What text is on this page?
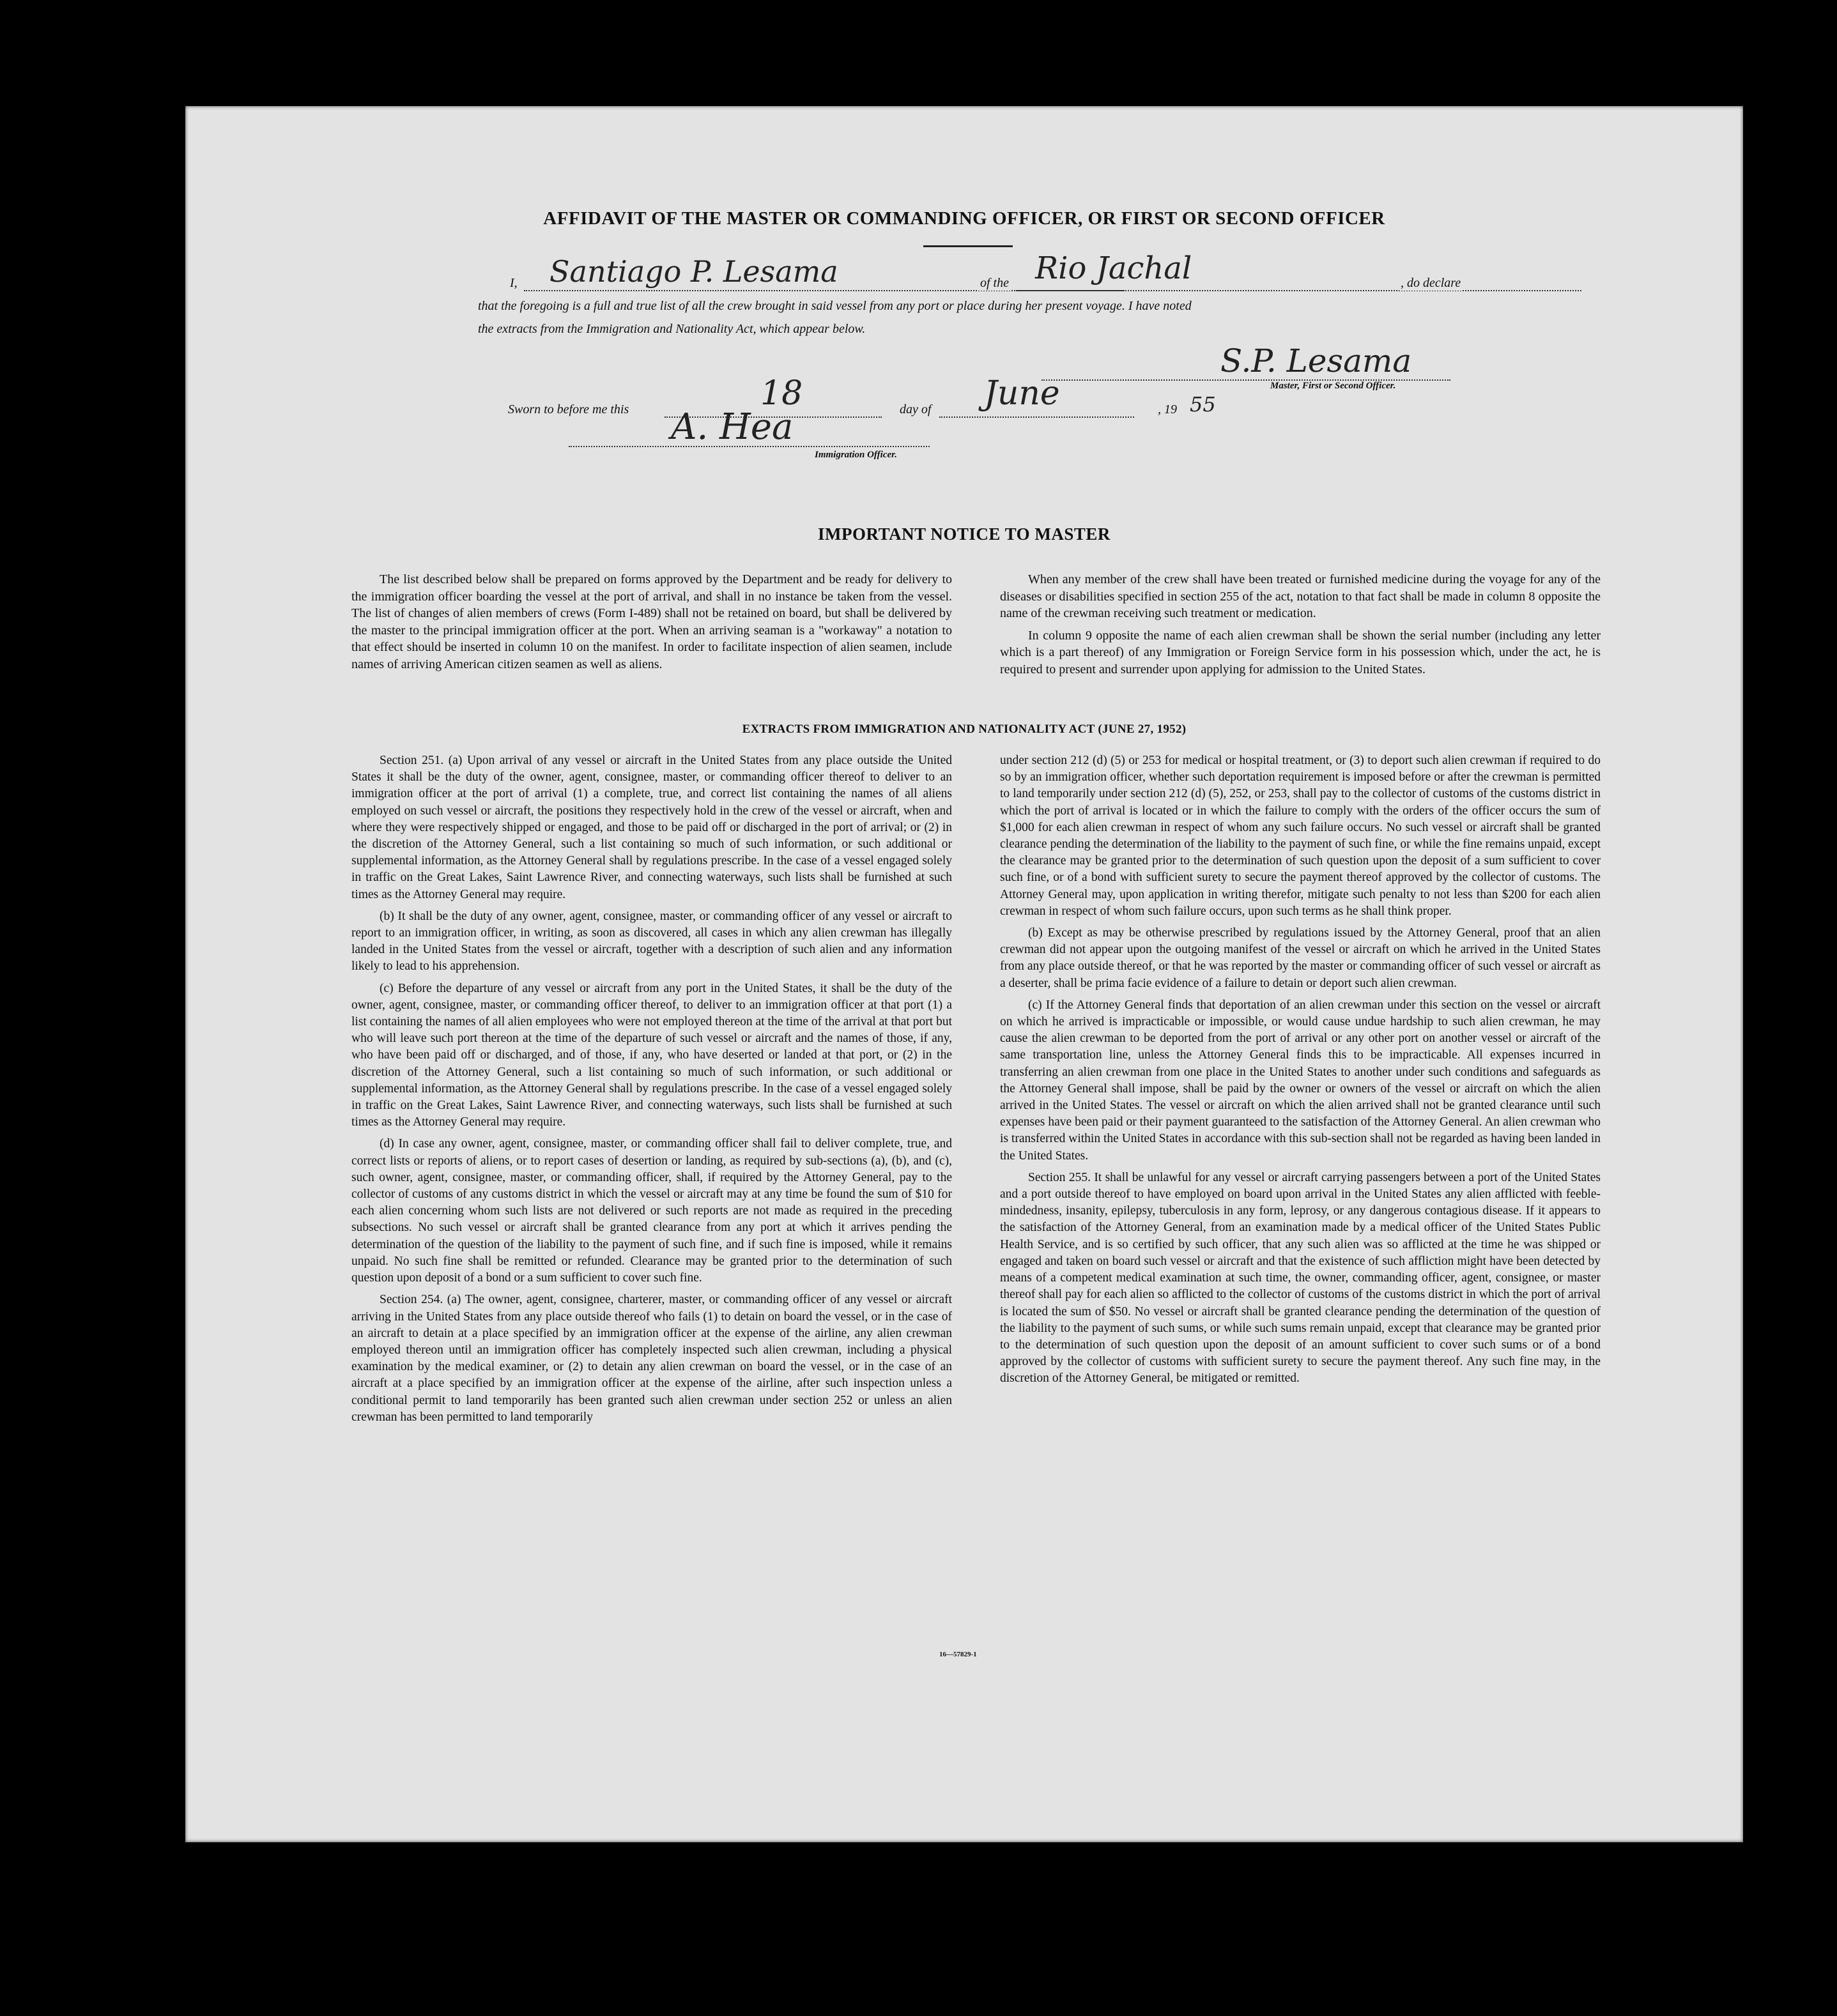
AFFIDAVIT OF THE MASTER OR COMMANDING OFFICER, OR FIRST OR SECOND OFFICER
I, Santiago P. Lesama	of the Rio Jachal	, do declare
that the foregoing is a full and true list of all the crew brought in said vessel from any port or place during her present voyage. I have noted
the extracts from the Immigration and Nationality Act, which appear below.
S.P. Lesama
Master, First or Second Officer.
Sworn to before me this	18	day of June	, 19 55
A. Hea
Immigration Officer.
IMPORTANT NOTICE TO MASTER

The list described below shall be prepared on forms approved by the Department and be ready for delivery to the immigration officer boarding the vessel at the port of arrival, and shall in no instance be taken from the vessel. The list of changes of alien members of crews (Form I-489) shall not be retained on board, but shall be delivered by the master to the principal immigration officer at the port. When an arriving seaman is a "workaway" a notation to that effect should be inserted in column 10 on the manifest. In order to facilitate inspection of alien seamen, include names of arriving American citizen seamen as well as aliens.

When any member of the crew shall have been treated or furnished medicine during the voyage for any of the diseases or disabilities specified in section 255 of the act, notation to that fact shall be made in column 8 opposite the name of the crewman receiving such treatment or medication.

In column 9 opposite the name of each alien crewman shall be shown the serial number (including any letter which is a part thereof) of any Immigration or Foreign Service form in his possession which, under the act, he is required to present and surrender upon applying for admission to the United States.

EXTRACTS FROM IMMIGRATION AND NATIONALITY ACT (JUNE 27, 1952)

Section 251. (a) Upon arrival of any vessel or aircraft in the United States from any place outside the United States it shall be the duty of the owner, agent, consignee, master, or commanding officer thereof to deliver to an immigration officer at the port of arrival (1) a complete, true, and correct list containing the names of all aliens employed on such vessel or aircraft, the positions they respectively hold in the crew of the vessel or aircraft, when and where they were respectively shipped or engaged, and those to be paid off or discharged in the port of arrival; or (2) in the discretion of the Attorney General, such a list containing so much of such information, or such additional or supplemental information, as the Attorney General shall by regulations prescribe. In the case of a vessel engaged solely in traffic on the Great Lakes, Saint Lawrence River, and connecting waterways, such lists shall be furnished at such times as the Attorney General may require.

(b) It shall be the duty of any owner, agent, consignee, master, or commanding officer of any vessel or aircraft to report to an immigration officer, in writing, as soon as discovered, all cases in which any alien crewman has illegally landed in the United States from the vessel or aircraft, together with a description of such alien and any information likely to lead to his apprehension.

(c) Before the departure of any vessel or aircraft from any port in the United States, it shall be the duty of the owner, agent, consignee, master, or commanding officer thereof, to deliver to an immigration officer at that port (1) a list containing the names of all alien employees who were not employed thereon at the time of the arrival at that port but who will leave such port thereon at the time of the departure of such vessel or aircraft and the names of those, if any, who have been paid off or discharged, and of those, if any, who have deserted or landed at that port, or (2) in the discretion of the Attorney General, such a list containing so much of such information, or such additional or supplemental information, as the Attorney General shall by regulations prescribe. In the case of a vessel engaged solely in traffic on the Great Lakes, Saint Lawrence River, and connecting waterways, such lists shall be furnished at such times as the Attorney General may require.

(d) In case any owner, agent, consignee, master, or commanding officer shall fail to deliver complete, true, and correct lists or reports of aliens, or to report cases of desertion or landing, as required by sub-sections (a), (b), and (c), such owner, agent, consignee, master, or commanding officer, shall, if required by the Attorney General, pay to the collector of customs of any customs district in which the vessel or aircraft may at any time be found the sum of $10 for each alien concerning whom such lists are not delivered or such reports are not made as required in the preceding subsections. No such vessel or aircraft shall be granted clearance from any port at which it arrives pending the determination of the question of the liability to the payment of such fine, and if such fine is imposed, while it remains unpaid. No such fine shall be remitted or refunded. Clearance may be granted prior to the determination of such question upon deposit of a bond or a sum sufficient to cover such fine.

Section 254. (a) The owner, agent, consignee, charterer, master, or commanding officer of any vessel or aircraft arriving in the United States from any place outside thereof who fails (1) to detain on board the vessel, or in the case of an aircraft to detain at a place specified by an immigration officer at the expense of the airline, any alien crewman employed thereon until an immigration officer has completely inspected such alien crewman, including a physical examination by the medical examiner, or (2) to detain any alien crewman on board the vessel, or in the case of an aircraft at a place specified by an immigration officer at the expense of the airline, after such inspection unless a conditional permit to land temporarily has been granted such alien crewman under section 252 or unless an alien crewman has been permitted to land temporarily

under section 212 (d) (5) or 253 for medical or hospital treatment, or (3) to deport such alien crewman if required to do so by an immigration officer, whether such deportation requirement is imposed before or after the crewman is permitted to land temporarily under section 212 (d) (5), 252, or 253, shall pay to the collector of customs of the customs district in which the port of arrival is located or in which the failure to comply with the orders of the officer occurs the sum of $1,000 for each alien crewman in respect of whom any such failure occurs. No such vessel or aircraft shall be granted clearance pending the determination of the liability to the payment of such fine, or while the fine remains unpaid, except the clearance may be granted prior to the determination of such question upon the deposit of a sum sufficient to cover such fine, or of a bond with sufficient surety to secure the payment thereof approved by the collector of customs. The Attorney General may, upon application in writing therefor, mitigate such penalty to not less than $200 for each alien crewman in respect of whom such failure occurs, upon such terms as he shall think proper.

(b) Except as may be otherwise prescribed by regulations issued by the Attorney General, proof that an alien crewman did not appear upon the outgoing manifest of the vessel or aircraft on which he arrived in the United States from any place outside thereof, or that he was reported by the master or commanding officer of such vessel or aircraft as a deserter, shall be prima facie evidence of a failure to detain or deport such alien crewman.

(c) If the Attorney General finds that deportation of an alien crewman under this section on the vessel or aircraft on which he arrived is impracticable or impossible, or would cause undue hardship to such alien crewman, he may cause the alien crewman to be deported from the port of arrival or any other port on another vessel or aircraft of the same transportation line, unless the Attorney General finds this to be impracticable. All expenses incurred in transferring an alien crewman from one place in the United States to another under such conditions and safeguards as the Attorney General shall impose, shall be paid by the owner or owners of the vessel or aircraft on which the alien arrived in the United States. The vessel or aircraft on which the alien arrived shall not be granted clearance until such expenses have been paid or their payment guaranteed to the satisfaction of the Attorney General. An alien crewman who is transferred within the United States in accordance with this sub-section shall not be regarded as having been landed in the United States.

Section 255. It shall be unlawful for any vessel or aircraft carrying passengers between a port of the United States and a port outside thereof to have employed on board upon arrival in the United States any alien afflicted with feeble-mindedness, insanity, epilepsy, tuberculosis in any form, leprosy, or any dangerous contagious disease. If it appears to the satisfaction of the Attorney General, from an examination made by a medical officer of the United States Public Health Service, and is so certified by such officer, that any such alien was so afflicted at the time he was shipped or engaged and taken on board such vessel or aircraft and that the existence of such affliction might have been detected by means of a competent medical examination at such time, the owner, commanding officer, agent, consignee, or master thereof shall pay for each alien so afflicted to the collector of customs of the customs district in which the port of arrival is located the sum of $50. No vessel or aircraft shall be granted clearance pending the determination of the question of the liability to the payment of such sums, or while such sums remain unpaid, except that clearance may be granted prior to the determination of such question upon the deposit of an amount sufficient to cover such sums or of a bond approved by the collector of customs with sufficient surety to secure the payment thereof. Any such fine may, in the discretion of the Attorney General, be mitigated or remitted.

16—57829-1
